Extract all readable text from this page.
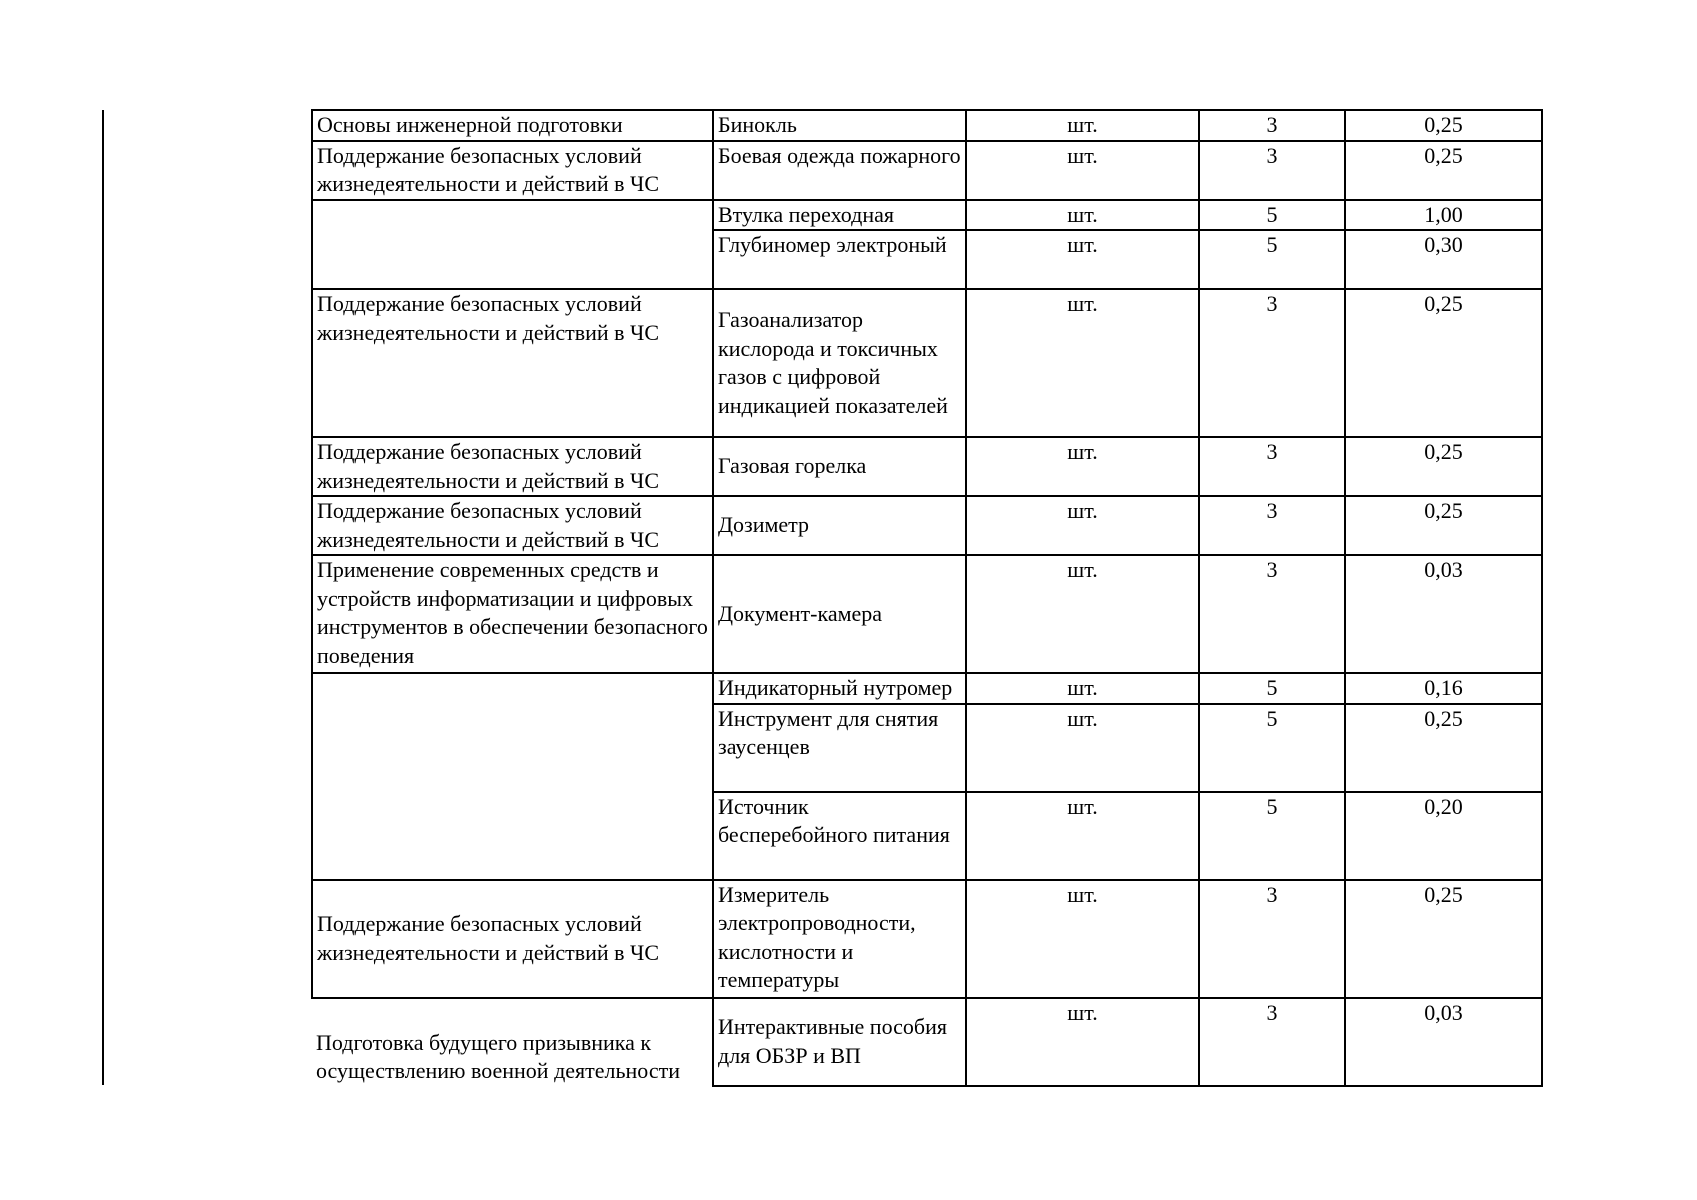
Основы инженерной подготовки	Бинокль	шт.	3	0,25
Поддержание безопасных условий жизнедеятельности и действий в ЧС	Боевая одежда пожарного	шт.	3	0,25
	Втулка переходная	шт.	5	1,00
	Глубиномер электроный	шт.	5	0,30
Поддержание безопасных условий жизнедеятельности и действий в ЧС	Газоанализатор кислорода и токсичных газов с цифровой индикацией показателей	шт.	3	0,25
Поддержание безопасных условий жизнедеятельности и действий в ЧС	Газовая горелка	шт.	3	0,25
Поддержание безопасных условий жизнедеятельности и действий в ЧС	Дозиметр	шт.	3	0,25
Применение современных средств и устройств информатизации и цифровых инструментов в обеспечении безопасного поведения	Документ-камера	шт.	3	0,03
	Индикаторный нутромер	шт.	5	0,16
	Инструмент для снятия заусенцев	шт.	5	0,25
	Источник бесперебойного питания	шт.	5	0,20
Поддержание безопасных условий жизнедеятельности и действий в ЧС	Измеритель электропроводности, кислотности и температуры	шт.	3	0,25
Подготовка будущего призывника к осуществлению военной деятельности	Интерактивные пособия для ОБЗР и ВП	шт.	3	0,03
